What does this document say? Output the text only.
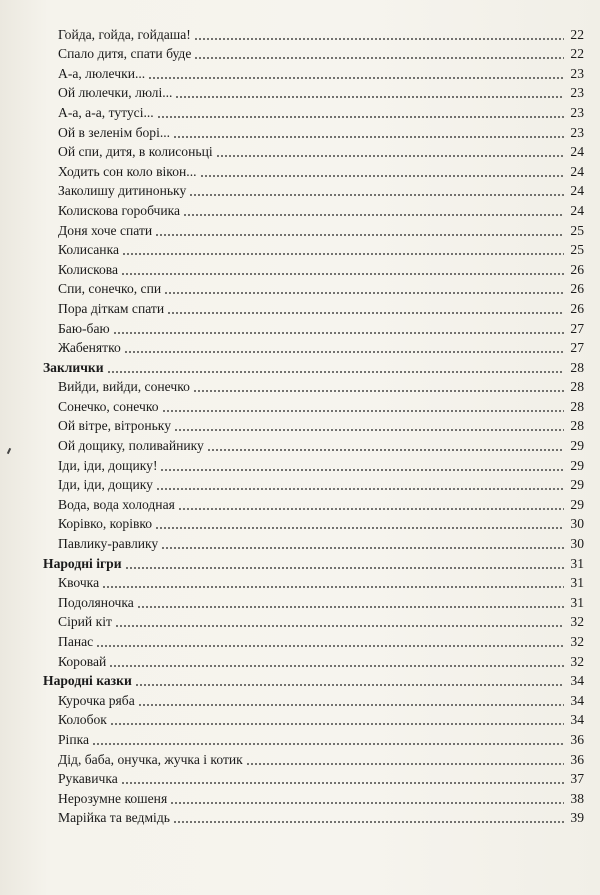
Гойда, гойда, гойдаша!	22
Спало дитя, спати буде	22
А-а, люлечки...	23
Ой люлечки, люлі...	23
А-а, а-а, тутусі...	23
Ой в зеленім борі...	23
Ой спи, дитя, в колисоньці	24
Ходить сон коло вікон...	24
Заколишу дитиноньку	24
Колискова горобчика	24
Доня хоче спати	25
Колисанка	25
Колискова	26
Спи, сонечко, спи	26
Пора діткам спати	26
Баю-баю	27
Жабенятко	27
Заклички	28
Вийди, вийди, сонечко	28
Сонечко, сонечко	28
Ой вітре, вітроньку	28
Ой дощику, поливайнику	29
Іди, іди, дощику!	29
Іди, іди, дощику	29
Вода, вода холодная	29
Корівко, корівко	30
Павлику-равлику	30
Народні ігри	31
Квочка	31
Подоляночка	31
Сірий кіт	32
Панас	32
Коровай	32
Народні казки	34
Курочка ряба	34
Колобок	34
Ріпка	36
Дід, баба, онучка, жучка і котик	36
Рукавичка	37
Нерозумне кошеня	38
Марійка та ведмідь	39
